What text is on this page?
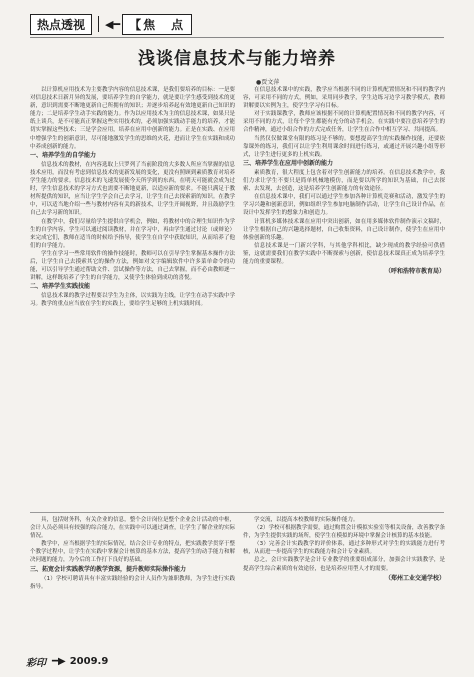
热点透视	◀━ 【焦　点
浅谈信息技术与能力培养
●贾文萍

以计算机应用技术为主要教学内容的信息技术课，是我们要培养的目标：一是要对信息技术日新月异的发展，要培养学生的自学能力，就是要让学生感受到技术的更新，意识到需要不断地更新自己所拥有的知识；并逐步培养起有效地更新自己知识的能力；二是培养学生动手实践的能力。作为以应用技术为主的信息技术课，如果只是纸上谈兵，是不可能真正掌握这些实用技术的，必须加强实践动手能力的培养，才能切实掌握这些技术；三是学会应用，培养在应用中创新的能力。正是在实践、在应用中增强学生的创新意识，尽可能地激发学生的思维的火花，进而让学生在实践和成功中养成创新的能力。

一、培养学生的自学能力

信息技术的教材，在内容选取上只罗列了当前阶段的大多数人所应当掌握的信息技术应用，而没有考虑到信息技术的更新发展的变化，更没有照顾到素质教育对培养学生能力的要求。信息技术的飞速发展使今天所学到的东西，在明天可能就会成为过时，学生信息技术的学习方式也需要不断地更新，以适应新的要求。不能只满足于教材所提供的知识，应当让学生学会自己去学习，让学生自己去探索新的知识。在教学中，可以适当地介绍一些与教材内容有关的新技术，让学生开阔视野，并且鼓励学生自己去学习新的知识。

在教学中，我们尽量给学生提供自学机会，例如，将教材中的合理生知识作为学生的自学内容，学生可以通过阅读教材，并在学习中，再由学生通过讨论（或辩论）来完成它们，教师在适当的时候给予指导，使学生在自学中获取知识，从而培养了他们的自学能力。

学生在学习一些常用软件的操作技能时，教师可以在引导学生掌握基本操作方法后，让学生自己去摸索其它的操作方法，例如对文字编辑软件中许多菜单命令的功能，可以引导学生通过帮助文件、尝试操作等方法，自己去掌握，而不必由教师逐一讲解，这样既培养了学生的自学能力，又使学生体验到成功的喜悦。

二、培养学生实践技能

信息技术课的教学过程要以学生为主体，以实践为主线，让学生在动手实践中学习。教学的重点应当放在学生的实践上，要给学生足够的上机实践时间。

在信息技术课中的实践，教学应当根据不同的计算机配置情况和不同的教学内容，可采用不同的方式，例如，采用同步教学，学生边练习边学习教学模式，教师讲解要以实例为主，使学生学习有目标。

对于实践课教学，教师应该根据不同的计算机配置情况和不同的教学内容，可采用不同的方式，让每个学生都能有充分的动手机会。在实践中要注意培养学生的合作精神，通过小组合作的方式完成任务，让学生在合作中相互学习、共同提高。

当然仅仅做课堂有限的练习是不够的。要想提高学生的实践操作技能，还要依靠课外的练习，我们可以让学生利用课余时间进行练习，或通过开展兴趣小组等形式，让学生进行更多的上机实践。

三、培养学生在应用中创新的能力

素质教育，很大程度上包含着对学生创新能力的培养。在信息技术教学中，我们力求让学生不要只是简单机械地模仿，而是要以所学的知识为基础，自己去探索、去发现，去创造，这是培养学生创新能力的有效途径。

在信息技术课中，我们可以通过学生参加各种计算机竞赛和活动，激发学生的学习兴趣和创新意识，例如组织学生参加电脑制作活动，让学生自己设计作品，在设计中发挥学生的想象力和创造力。

计算机多媒体技术课在应用中突出创新，如在用多媒体软件制作演示文稿时，让学生根据自己的兴趣选择题材，自己收集资料，自己设计制作，使学生在应用中体验创新的乐趣。

信息技术课是一门新兴学科，与其他学科相比，缺少现成的教学经验可供借鉴，这就需要我们在教学实践中不断探索与创新，使信息技术课真正成为培养学生能力的重要课程。

（呼和浩特市教育局）

具，包括财务科，有关企业的信息，整个会计岗位是整个企业会计活动的中枢，会计人员必须具有较强的综合能力，在实践中可以通过调查，让学生了解企业的实际情况。

教学中，应当根据学生的实际情况，结合会计专业的特点，把实践教学贯穿于整个教学过程中，让学生在实践中掌握会计核算的基本方法，提高学生的动手能力和解决问题的能力，为今后的工作打下良好的基础。

三、拓宽会计实践教学的教学资源，提升教师实际操作能力

（1）学校可聘请具有丰富实践经验的会计人员作为兼职教师，为学生进行实践指导。

学交流，以提高本校教师的实际操作能力。

（2）学校可根据教学需要，通过购置会计模拟实验室等相关设备，改善教学条件，为学生提供实践的场所，使学生在模拟的环境中掌握会计核算的基本技能。

（3）完善会计实践教学的评价体系，通过多种形式对学生的实践能力进行考核，从而进一步提高学生的实践能力和会计专业素质。

总之，会计实践教学是会计专业教学的重要组成部分，加强会计实践教学，是提高学生综合素质的有效途径，也是培养应用型人才的需要。

（郑州工业交通学校）
彩印 ━▶ 2009.9
